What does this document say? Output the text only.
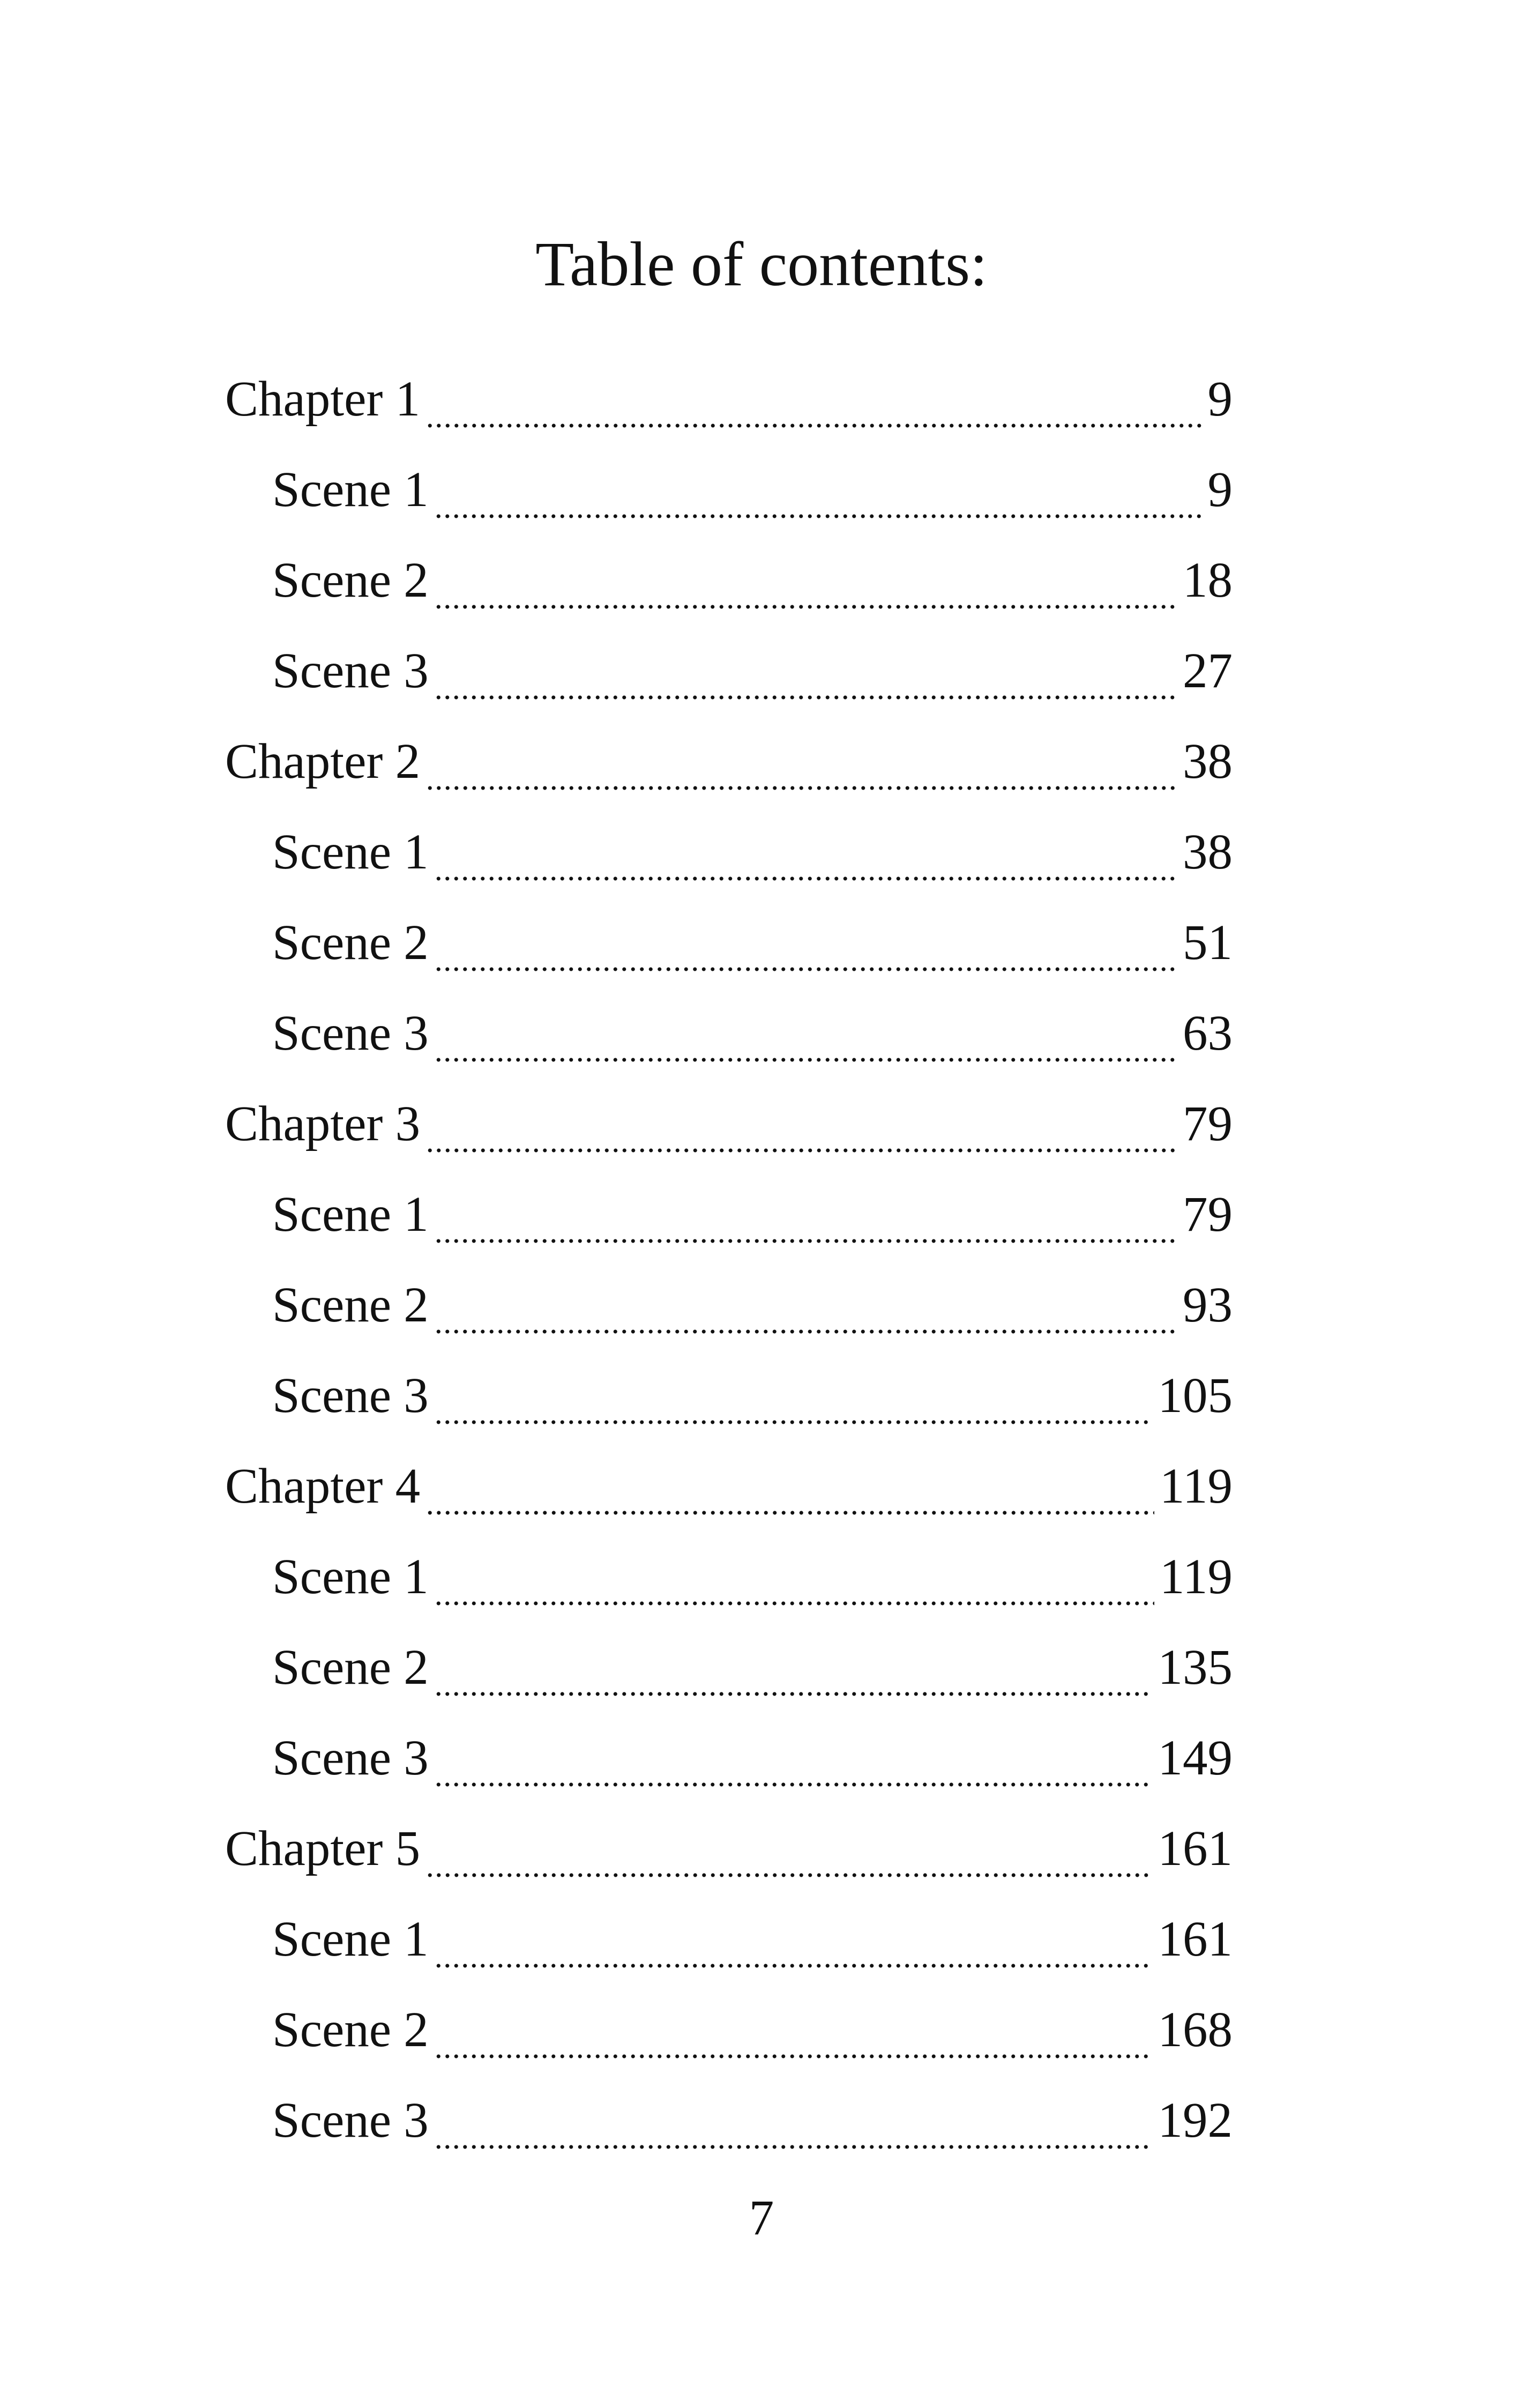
Table of contents:
Chapter 1	9
Scene 1	9
Scene 2	18
Scene 3	27
Chapter 2	38
Scene 1	38
Scene 2	51
Scene 3	63
Chapter 3	79
Scene 1	79
Scene 2	93
Scene 3	105
Chapter 4	119
Scene 1	119
Scene 2	135
Scene 3	149
Chapter 5	161
Scene 1	161
Scene 2	168
Scene 3	192
7
